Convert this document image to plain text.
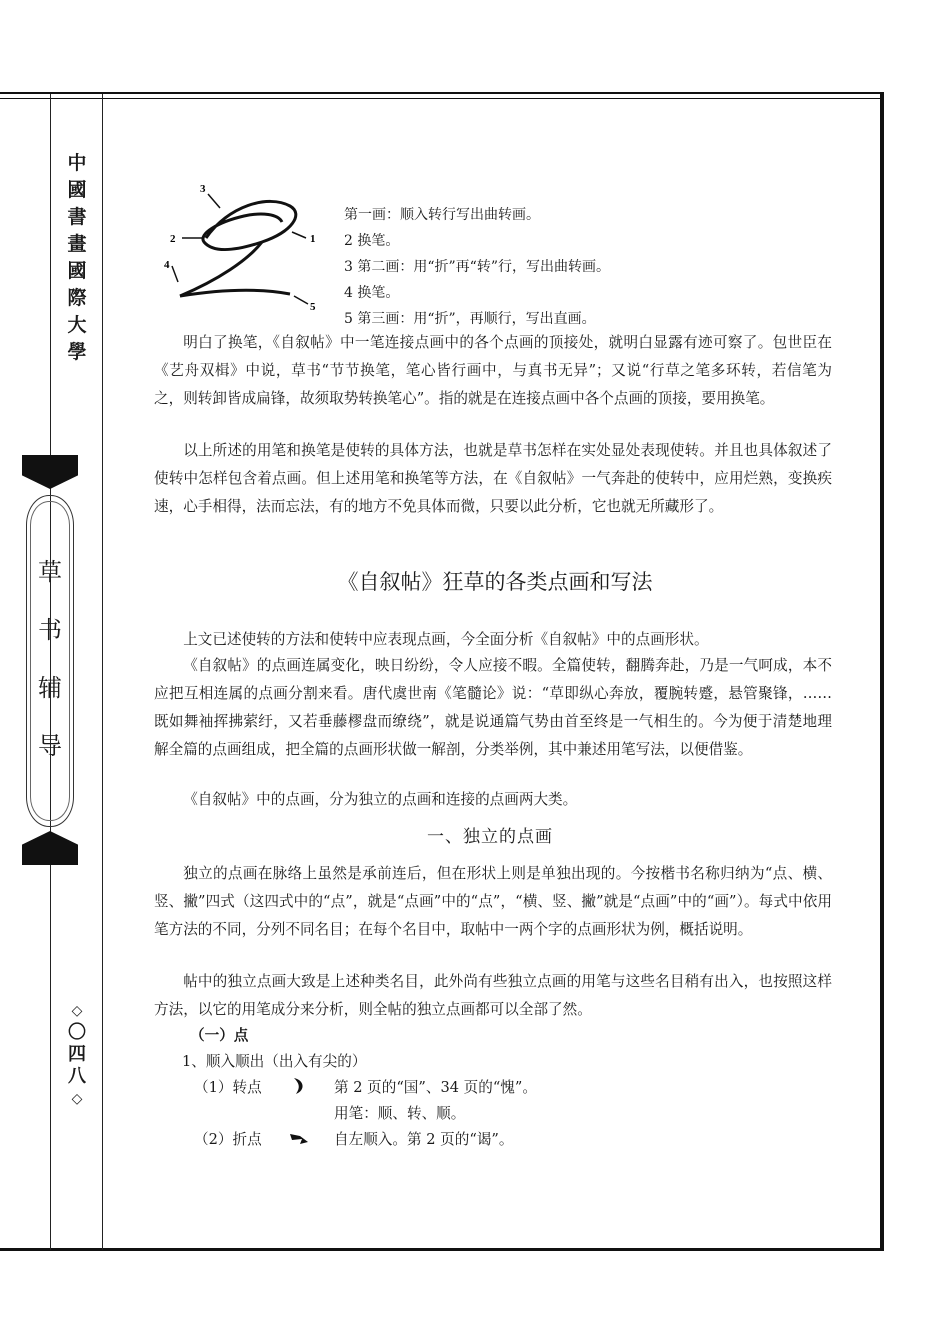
中
國
書
畫
國
際
大
學
草
书
辅
导
◇
〇
四
八
◇
1
2
3
4
5
第一画：顺入转行写出曲转画。
2 换笔。
3 第二画：用“折”再“转”行，写出曲转画。
4 换笔。
5 第三画：用“折”，再顺行，写出直画。
明白了换笔，《自叙帖》中一笔连接点画中的各个点画的顶接处，就明白显露有迹可察了。包世臣在《艺舟双楫》中说，草书“节节换笔，笔心皆行画中，与真书无异”；又说“行草之笔多环转，若信笔为之，则转卸皆成扁锋，故须取势转换笔心”。指的就是在连接点画中各个点画的顶接，要用换笔。
以上所述的用笔和换笔是使转的具体方法，也就是草书怎样在实处显处表现使转。并且也具体叙述了使转中怎样包含着点画。但上述用笔和换笔等方法，在《自叙帖》一气奔赴的使转中，应用烂熟，变换疾速，心手相得，法而忘法，有的地方不免具体而微，只要以此分析，它也就无所藏形了。
《自叙帖》狂草的各类点画和写法
上文已述使转的方法和使转中应表现点画，今全面分析《自叙帖》中的点画形状。
《自叙帖》的点画连属变化，映日纷纷，令人应接不暇。全篇使转，翻腾奔赴，乃是一气呵成，本不应把互相连属的点画分割来看。唐代虞世南《笔髓论》说：“草即纵心奔放，覆腕转蹙，悬管聚锋，……既如舞袖挥拂萦纡，又若垂藤樛盘而缭绕”，就是说通篇气势由首至终是一气相生的。今为便于清楚地理解全篇的点画组成，把全篇的点画形状做一解剖，分类举例，其中兼述用笔写法，以便借鉴。
《自叙帖》中的点画，分为独立的点画和连接的点画两大类。
一、独立的点画
独立的点画在脉络上虽然是承前连后，但在形状上则是单独出现的。今按楷书名称归纳为“点、横、竖、撇”四式（这四式中的“点”，就是“点画”中的“点”，“横、竖、撇”就是“点画”中的“画”）。每式中依用笔方法的不同，分列不同名目；在每个名目中，取帖中一两个字的点画形状为例，概括说明。
帖中的独立点画大致是上述种类名目，此外尚有些独立点画的用笔与这些名目稍有出入，也按照这样方法，以它的用笔成分来分析，则全帖的独立点画都可以全部了然。
（一）点
1、顺入顺出（出入有尖的）
（1）转点	第 2 页的“国”、34 页的“愧”。
用笔：顺、转、顺。
（2）折点	自左顺入。第 2 页的“谒”。
